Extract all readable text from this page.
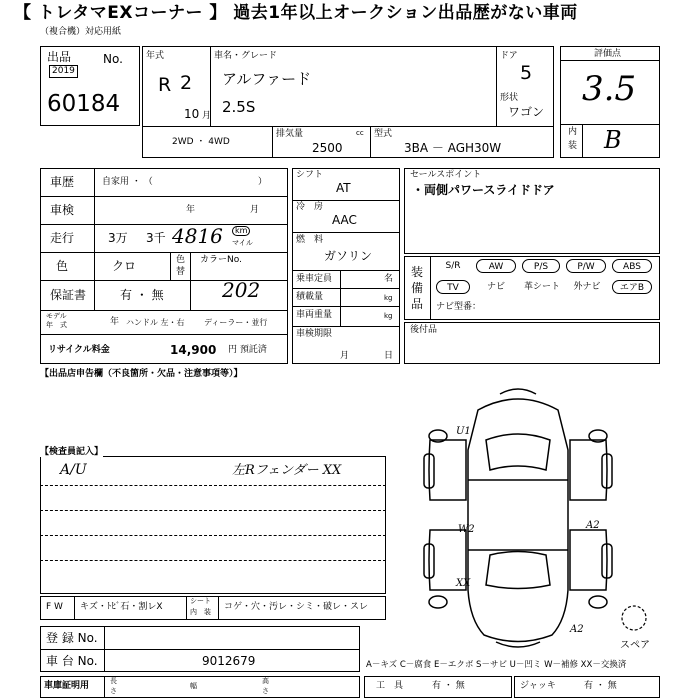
【 トレタマEXコーナー 】 過去1年以上オークション出品歴がない車両
（複合機）対応用紙
出品	No.
2019
60184
年式
R 2
10 月
車名・グレード
アルファード
2.5S
ドア
5
形状
ワゴン
2WD ・ 4WD
排気量	cc
2500
型式
3BA － AGH30W
評価点
3.5
内
装 B
車歴	自家用 ・ （	）
車検	年	月
走行	3万 3千 4816	km
マイル
色	クロ	色
替
カラーNo.
202
保証書	有 ・ 無
モデル
年　式	年 ハンドル 左・右 ディーラー・並行
リサイクル料金	14,900 円 預託済
シフト
AT
冷　房
AAC
燃　料
ガソリン
乗車定員	名
積載量	kg
車両重量	kg
車検期限
月	日
セールスポイント
・両側パワースライドドア
装
備
品
S/R	AW	P/S	P/W	ABS
TV	ナビ	革シート	外ナビ	エアB
ナビ型番：
後付品
【出品店申告欄（不良箇所・欠品・注意事項等）】
【検査員記入】
A/U	左Rフェンダー XX
F W キズ・ﾄﾋﾞ石・割レX
シート
内　装 コゲ・穴・汚レ・シミ・破レ・スレ
登 録 No.
車 台 No.	9012679
車庫証明用	長
さ
幅
高
さ
A－キズ C－腐食 E－エクボ S－サビ U－凹ミ W－補修 XX－交換済
工　具	有 ・ 無	ジャッキ	有 ・ 無
U1
W2	A2
XX
A2
スペア
